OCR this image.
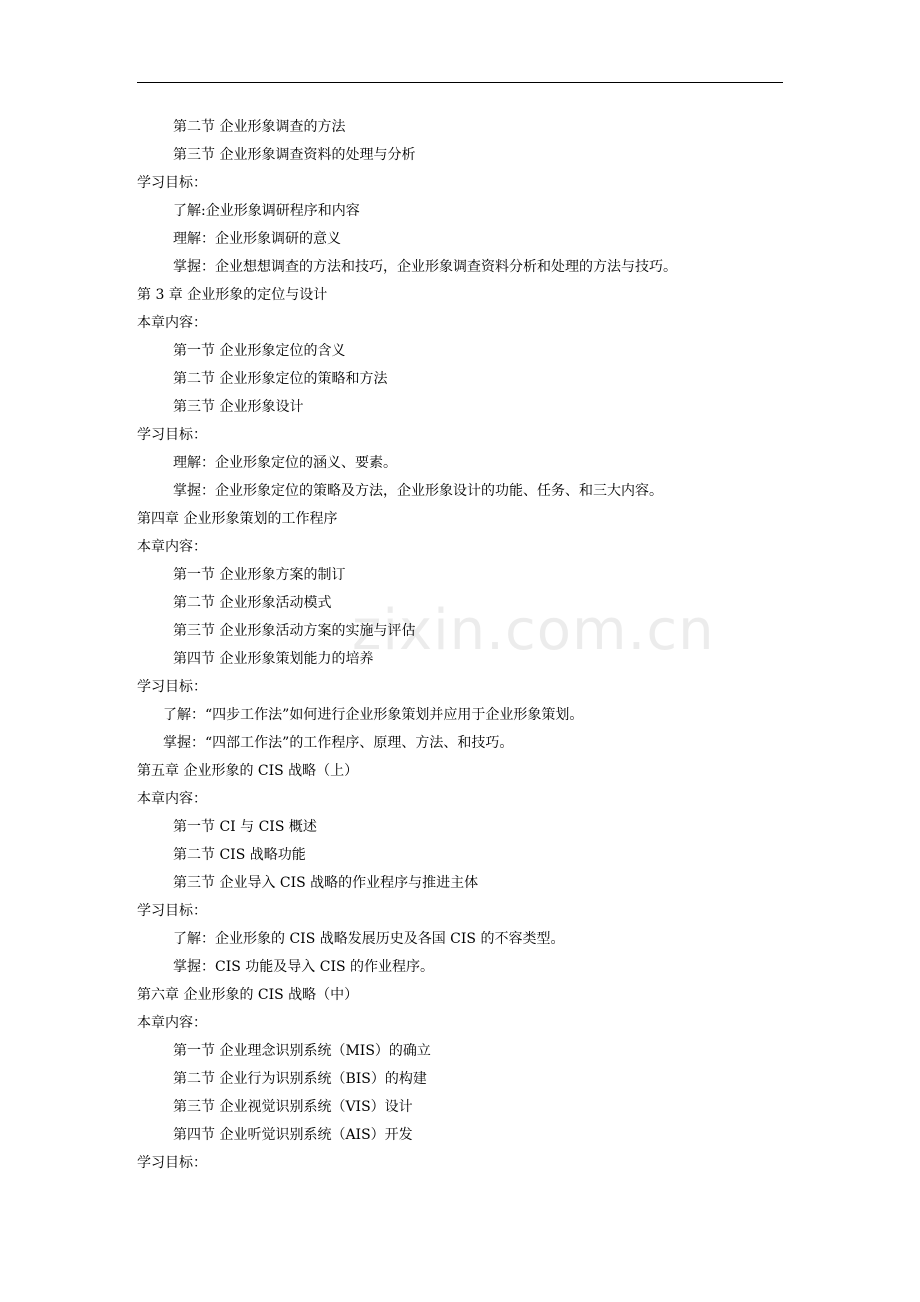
zixin.com.cn
第二节 企业形象调查的方法
第三节 企业形象调查资料的处理与分析
学习目标：
了解:企业形象调研程序和内容
理解：企业形象调研的意义
掌握：企业想想调查的方法和技巧，企业形象调查资料分析和处理的方法与技巧。
第 3 章 企业形象的定位与设计
本章内容：
第一节 企业形象定位的含义
第二节 企业形象定位的策略和方法
第三节 企业形象设计
学习目标：
理解：企业形象定位的涵义、要素。
掌握：企业形象定位的策略及方法，企业形象设计的功能、任务、和三大内容。
第四章 企业形象策划的工作程序
本章内容：
第一节 企业形象方案的制订
第二节 企业形象活动模式
第三节 企业形象活动方案的实施与评估
第四节 企业形象策划能力的培养
学习目标：
了解：“四步工作法”如何进行企业形象策划并应用于企业形象策划。
掌握：“四部工作法”的工作程序、原理、方法、和技巧。
第五章 企业形象的 CIS 战略（上）
本章内容：
第一节 CI 与 CIS 概述
第二节 CIS 战略功能
第三节 企业导入 CIS 战略的作业程序与推进主体
学习目标：
了解：企业形象的 CIS 战略发展历史及各国 CIS 的不容类型。
掌握：CIS 功能及导入 CIS 的作业程序。
第六章 企业形象的 CIS 战略（中）
本章内容：
第一节 企业理念识别系统（MIS）的确立
第二节 企业行为识别系统（BIS）的构建
第三节 企业视觉识别系统（VIS）设计
第四节 企业听觉识别系统（AIS）开发
学习目标：
